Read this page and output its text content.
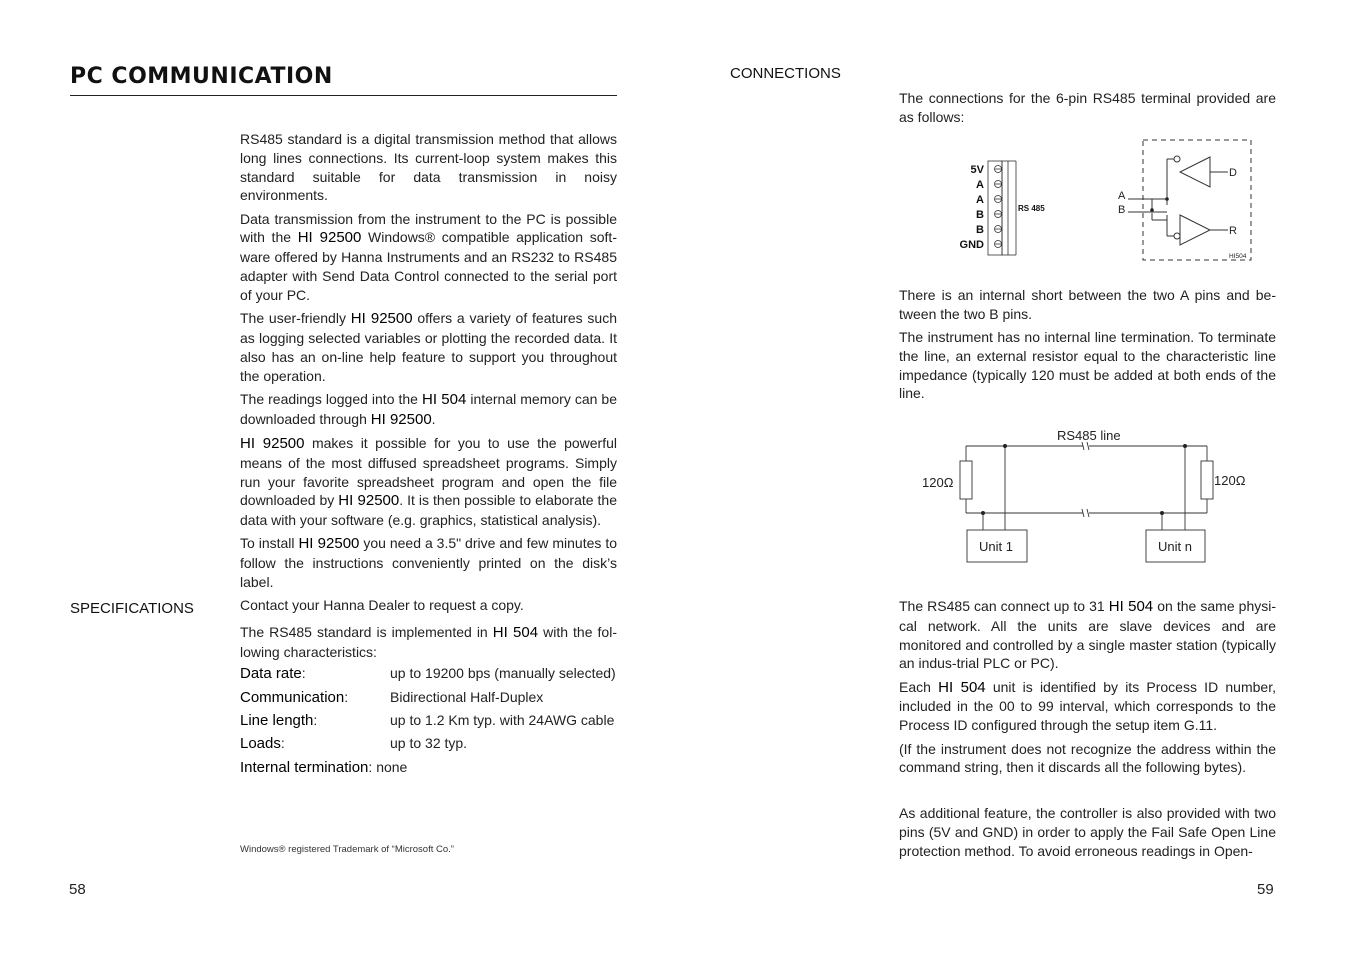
PC COMMUNICATION

RS485 standard is a digital transmission method that allows long lines connections. Its current-loop system makes this standard suitable for data transmission in noisy environments.

Data transmission from the instrument to the PC is possible with the HI 92500 Windows® compatible application soft-ware offered by Hanna Instruments and an RS232 to RS485 adapter with Send Data Control connected to the serial port of your PC.

The user-friendly HI 92500 offers a variety of features such as logging selected variables or plotting the recorded data. It also has an on-line help feature to support you throughout the operation.

The readings logged into the HI 504 internal memory can be downloaded through HI 92500.

HI 92500 makes it possible for you to use the powerful means of the most diffused spreadsheet programs. Simply run your favorite spreadsheet program and open the file downloaded by HI 92500. It is then possible to elaborate the data with your software (e.g. graphics, statistical analysis).

To install HI 92500 you need a 3.5" drive and few minutes to follow the instructions conveniently printed on the disk’s label.

Contact your Hanna Dealer to request a copy.

SPECIFICATIONS

The RS485 standard is implemented in HI 504 with the fol-lowing characteristics:

Data rate:	up to 19200 bps (manually selected)
Communication:	Bidirectional Half-Duplex
Line length:	up to 1.2 Km typ. with 24AWG cable
Loads:	up to 32 typ.
Internal termination: none
Windows® registered Trademark of “Microsoft Co.”
58
CONNECTIONS

The connections for the 6-pin RS485 terminal provided are as follows:

5V
A
A
B
B
GND
RS 485
A
B
D
R
HI504

There is an internal short between the two A pins and be-tween the two B pins.

The instrument has no internal line termination. To terminate the line, an external resistor equal to the characteristic line impedance (typically 120 must be added at both ends of the line.

RS485 line
120Ω	120Ω
Unit 1	Unit n

The RS485 can connect up to 31 HI 504 on the same physi-cal network. All the units are slave devices and are monitored and controlled by a single master station (typically an indus-trial PLC or PC).

Each HI 504 unit is identified by its Process ID number, included in the 00 to 99 interval, which corresponds to the Process ID configured through the setup item G.11.

(If the instrument does not recognize the address within the command string, then it discards all the following bytes).

As additional feature, the controller is also provided with two pins (5V and GND) in order to apply the Fail Safe Open Line protection method. To avoid erroneous readings in Open-

59
